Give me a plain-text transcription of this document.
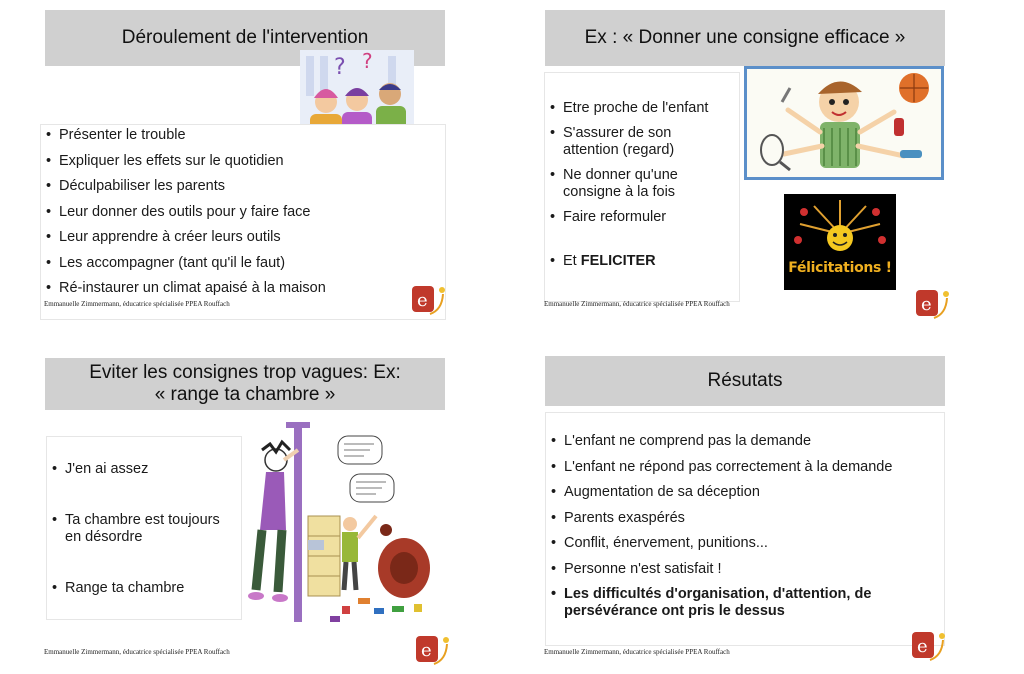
Déroulement de l'intervention
? ?
• Présenter le trouble
• Expliquer les effets sur le quotidien
• Déculpabiliser les parents
• Leur donner des outils pour y faire face
• Leur apprendre à créer leurs outils
• Les accompagner (tant qu'il le faut)
• Ré-instaurer un climat apaisé à la maison
Emmanuelle Zimmermann, éducatrice spécialisée PPEA Rouffach	e
Ex : « Donner une consigne efficace »
• Etre proche de l'enfant
• S'assurer de son attention (regard)
• Ne donner qu'une consigne à la fois
• Faire reformuler
• Et FELICITER	Félicitations !
Emmanuelle Zimmermann, éducatrice spécialisée PPEA Rouffach	e
Eviter les consignes trop vagues: Ex:
« range ta chambre »
• J'en ai assez
• Ta chambre est toujours en désordre
• Range ta chambre
Emmanuelle Zimmermann, éducatrice spécialisée PPEA Rouffach	e
Résutats
• L'enfant ne comprend pas la demande
• L'enfant ne répond pas correctement à la demande
• Augmentation de sa déception
• Parents exaspérés
• Conflit, énervement, punitions...
• Personne n'est satisfait !
• Les difficultés d'organisation, d'attention, de persévérance ont pris le dessus
Emmanuelle Zimmermann, éducatrice spécialisée PPEA Rouffach	e
